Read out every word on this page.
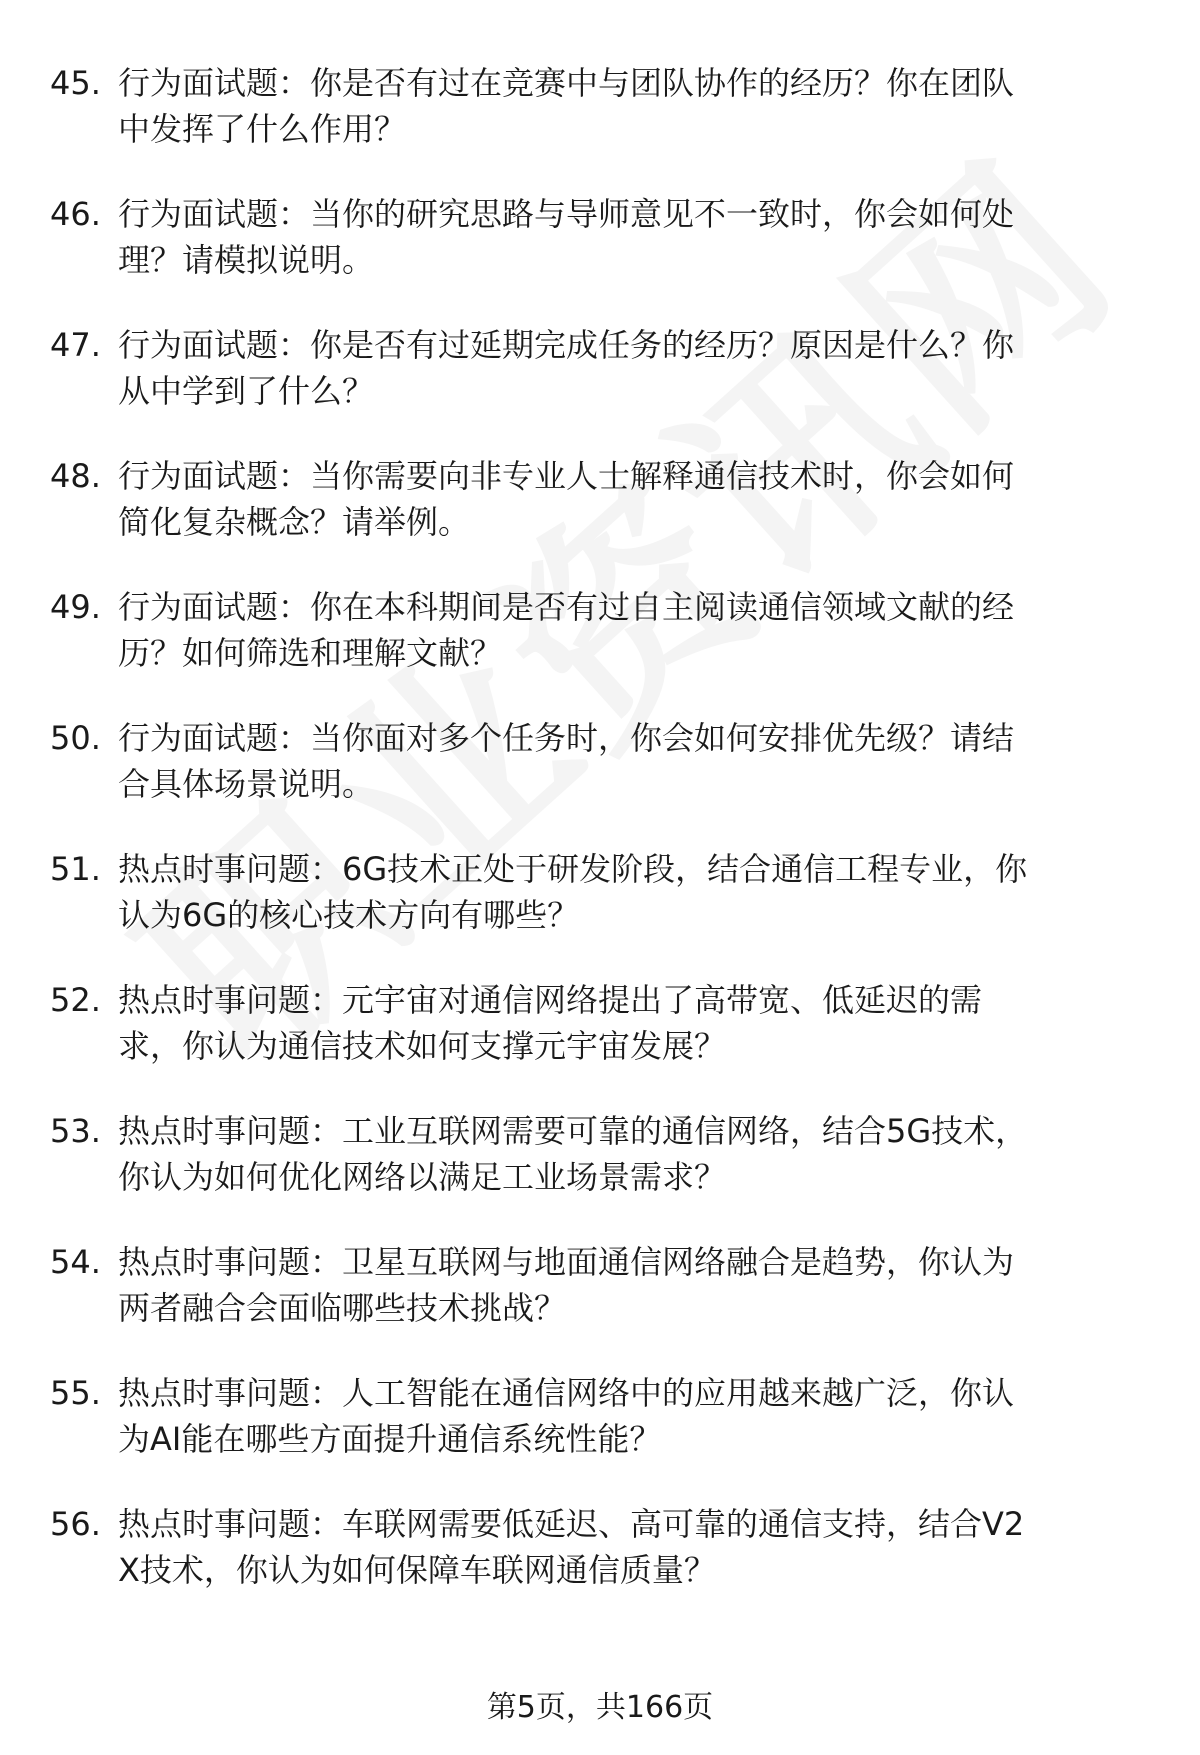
45. 行为面试题：你是否有过在竞赛中与团队协作的经历？你在团队中发挥了什么作用？
46. 行为面试题：当你的研究思路与导师意见不一致时，你会如何处理？请模拟说明。
47. 行为面试题：你是否有过延期完成任务的经历？原因是什么？你从中学到了什么？
48. 行为面试题：当你需要向非专业人士解释通信技术时，你会如何简化复杂概念？请举例。
49. 行为面试题：你在本科期间是否有过自主阅读通信领域文献的经历？如何筛选和理解文献？
50. 行为面试题：当你面对多个任务时，你会如何安排优先级？请结合具体场景说明。
51. 热点时事问题：6G技术正处于研发阶段，结合通信工程专业，你认为6G的核心技术方向有哪些？
52. 热点时事问题：元宇宙对通信网络提出了高带宽、低延迟的需求，你认为通信技术如何支撑元宇宙发展？
53. 热点时事问题：工业互联网需要可靠的通信网络，结合5G技术，你认为如何优化网络以满足工业场景需求？
54. 热点时事问题：卫星互联网与地面通信网络融合是趋势，你认为两者融合会面临哪些技术挑战？
55. 热点时事问题：人工智能在通信网络中的应用越来越广泛，你认为AI能在哪些方面提升通信系统性能？
56. 热点时事问题：车联网需要低延迟、高可靠的通信支持，结合V2X技术，你认为如何保障车联网通信质量？
第5页，共166页
